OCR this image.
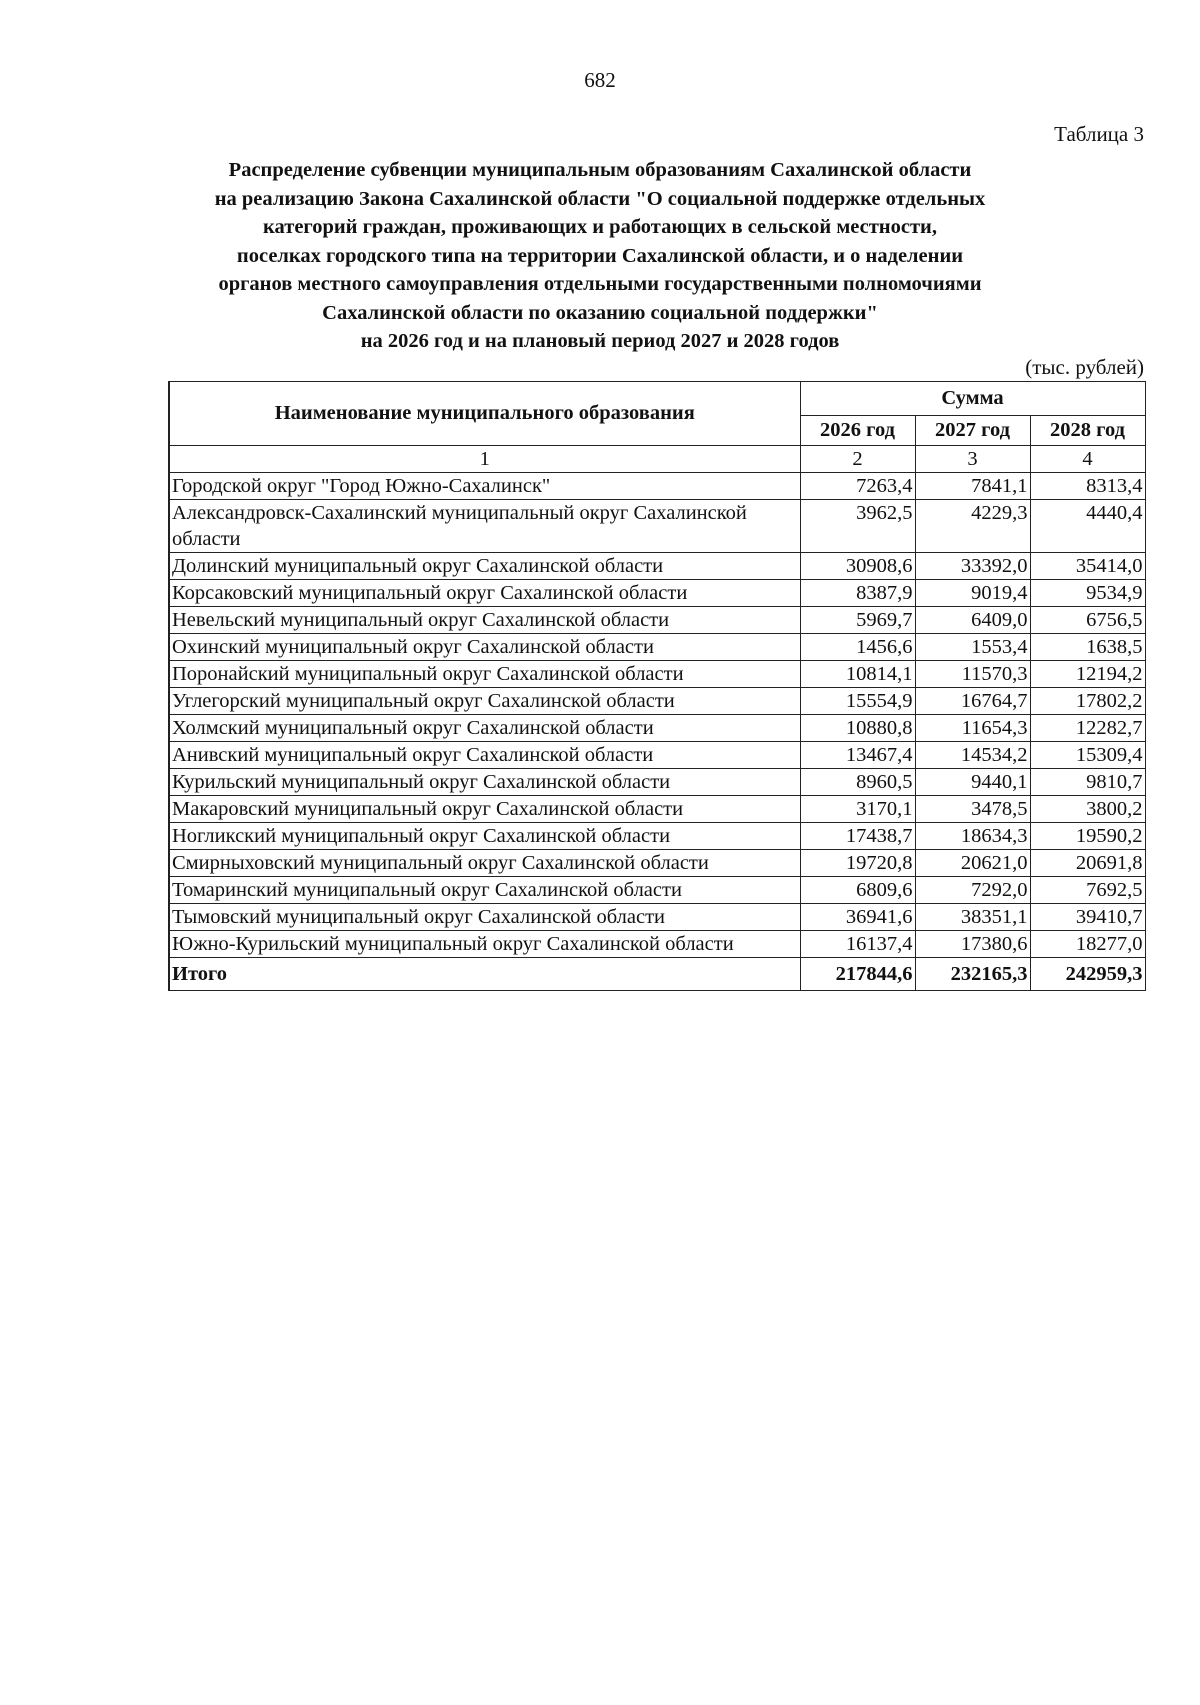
682
Таблица 3
Распределение субвенции муниципальным образованиям Сахалинской области
на реализацию Закона Сахалинской области "О социальной поддержке отдельных
категорий граждан, проживающих и работающих в сельской местности,
поселках городского типа на территории Сахалинской области, и о наделении
органов местного самоуправления отдельными государственными полномочиями
Сахалинской области по оказанию социальной поддержки"
на 2026 год и на плановый период 2027 и 2028 годов
(тыс. рублей)
Наименование муниципального образования	Сумма		
	2026 год	2027 год	2028 год
1	2	3	4
Городской округ "Город Южно-Сахалинск"	7263,4	7841,1	8313,4
Александровск-Сахалинский муниципальный округ Сахалинской области	3962,5	4229,3	4440,4
Долинский муниципальный округ Сахалинской области	30908,6	33392,0	35414,0
Корсаковский муниципальный округ Сахалинской области	8387,9	9019,4	9534,9
Невельский муниципальный округ Сахалинской области	5969,7	6409,0	6756,5
Охинский муниципальный округ Сахалинской области	1456,6	1553,4	1638,5
Поронайский муниципальный округ Сахалинской области	10814,1	11570,3	12194,2
Углегорский муниципальный округ Сахалинской области	15554,9	16764,7	17802,2
Холмский муниципальный округ Сахалинской области	10880,8	11654,3	12282,7
Анивский муниципальный округ Сахалинской области	13467,4	14534,2	15309,4
Курильский муниципальный округ Сахалинской области	8960,5	9440,1	9810,7
Макаровский муниципальный округ Сахалинской области	3170,1	3478,5	3800,2
Ногликский муниципальный округ Сахалинской области	17438,7	18634,3	19590,2
Смирныховский муниципальный округ Сахалинской области	19720,8	20621,0	20691,8
Томаринский муниципальный округ Сахалинской области	6809,6	7292,0	7692,5
Тымовский муниципальный округ Сахалинской области	36941,6	38351,1	39410,7
Южно-Курильский муниципальный округ Сахалинской области	16137,4	17380,6	18277,0
Итого	217844,6	232165,3	242959,3
